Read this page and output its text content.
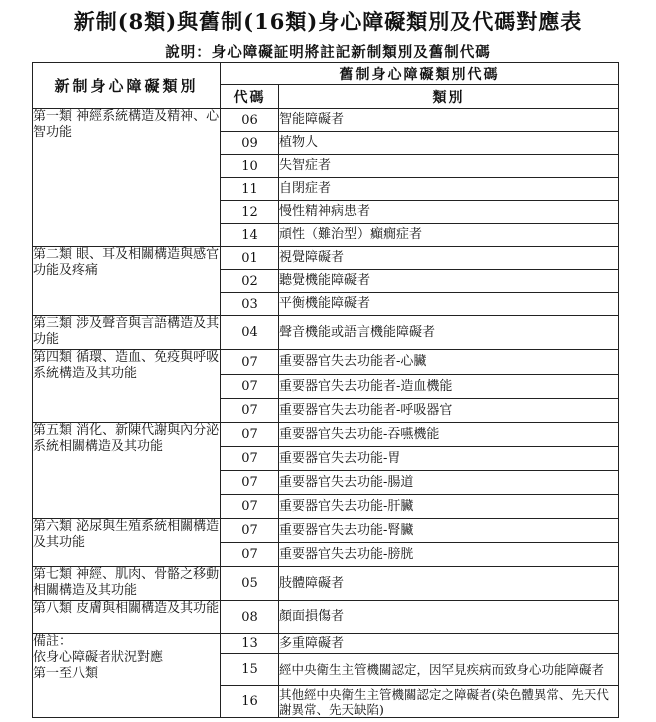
新制(8類)與舊制(16類)身心障礙類別及代碼對應表
說明：身心障礙証明將註記新制類別及舊制代碼
新制身心障礙類別	舊制身心障礙類別代碼	
	代碼	類別
第一類 神經系統構造及精神、心智功能	06	智能障礙者
	09	植物人
	10	失智症者
	11	自閉症者
	12	慢性精神病患者
	14	頑性（難治型）癲癇症者
第二類 眼、耳及相關構造與感官功能及疼痛	01	視覺障礙者
	02	聽覺機能障礙者
	03	平衡機能障礙者
第三類 涉及聲音與言語構造及其功能	04	聲音機能或語言機能障礙者
第四類 循環、造血、免疫與呼吸系統構造及其功能	07	重要器官失去功能者-心臟
	07	重要器官失去功能者-造血機能
	07	重要器官失去功能者-呼吸器官
第五類 消化、新陳代謝與內分泌系統相關構造及其功能	07	重要器官失去功能-吞嚥機能
	07	重要器官失去功能-胃
	07	重要器官失去功能-腸道
	07	重要器官失去功能-肝臟
第六類 泌尿與生殖系統相關構造及其功能	07	重要器官失去功能-腎臟
	07	重要器官失去功能-膀胱
第七類 神經、肌肉、骨骼之移動相關構造及其功能	05	肢體障礙者
第八類 皮膚與相關構造及其功能	08	顏面損傷者

備註：
依身心障礙者狀況對應
第一至八類	13	多重障礙者
	15	經中央衛生主管機關認定，因罕見疾病而致身心功能障礙者
	16	其他經中央衛生主管機關認定之障礙者(染色體異常、先天代謝異常、先天缺陷)
